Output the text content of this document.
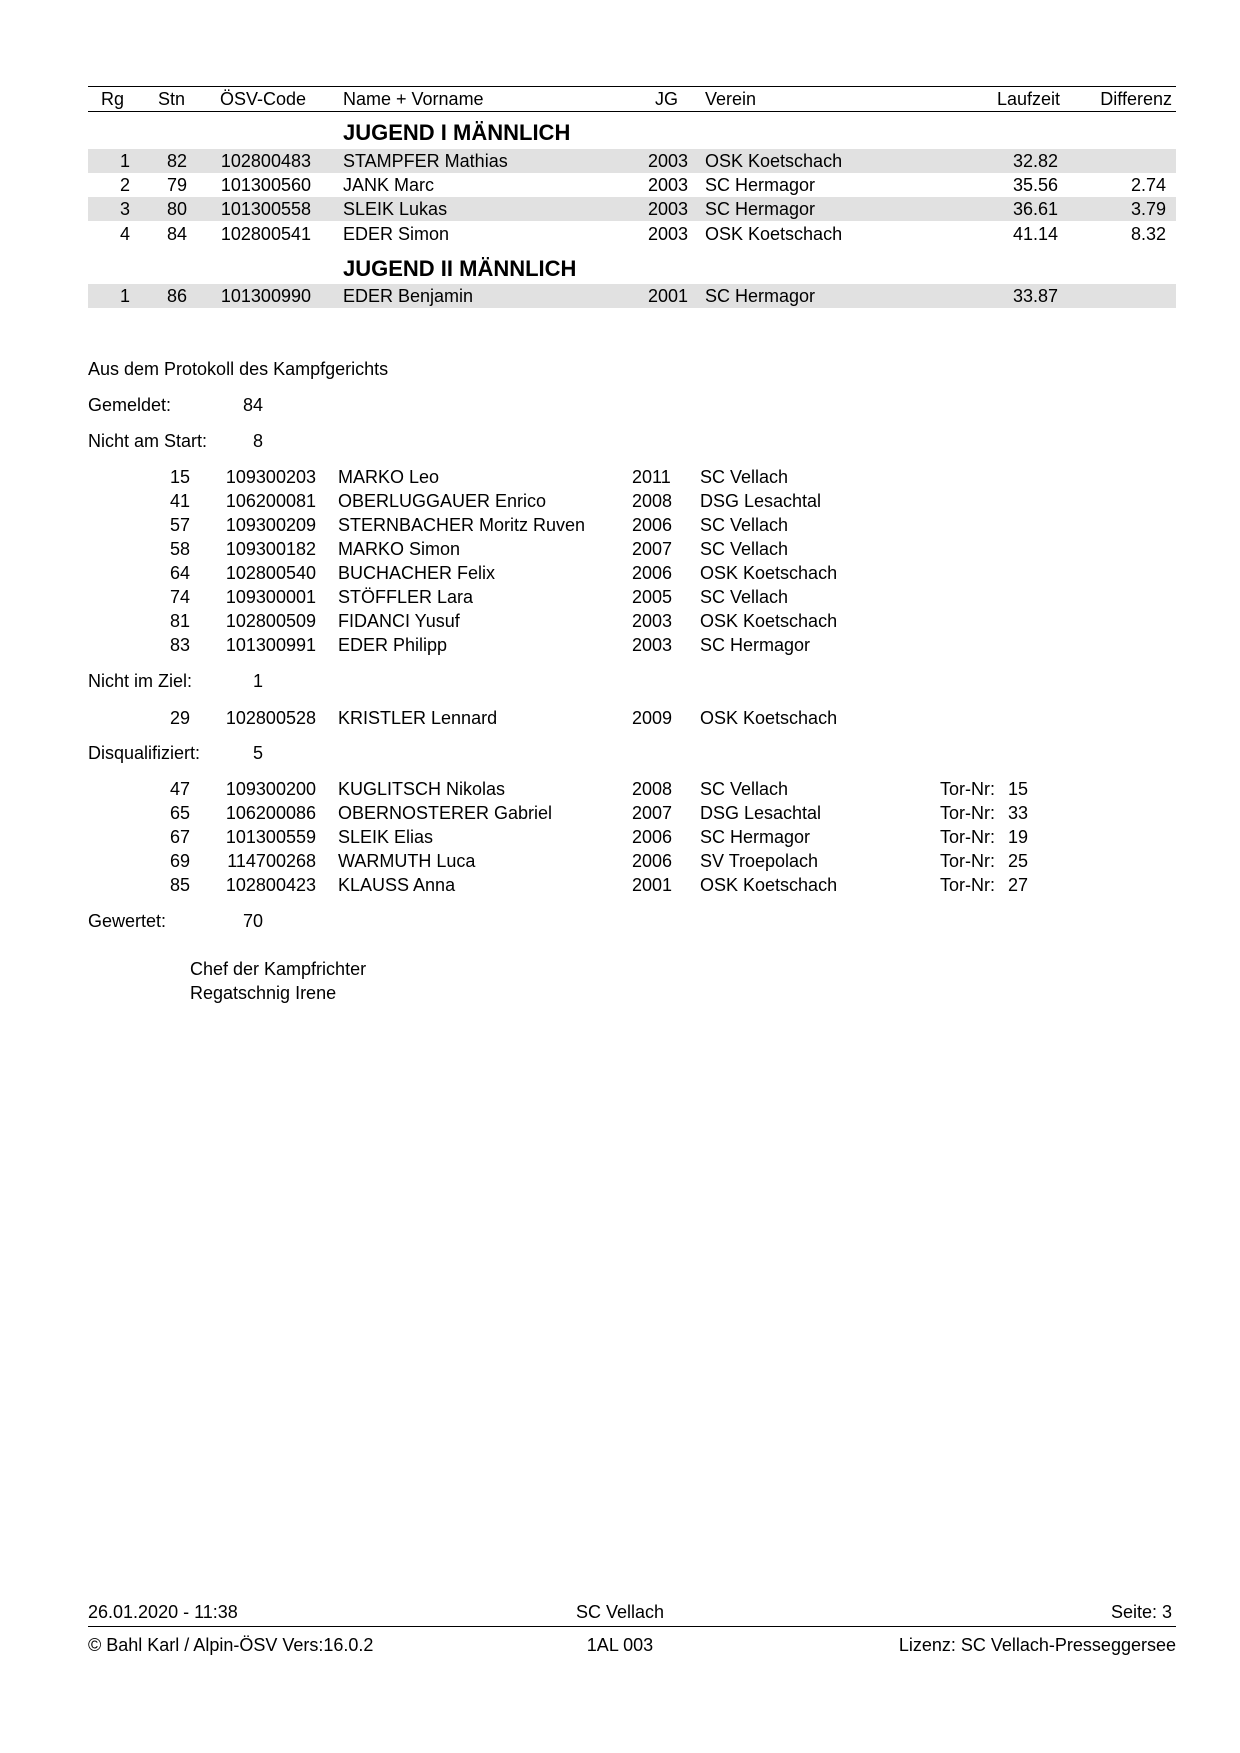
Rg Stn ÖSV-Code Name + Vorname	JG Verein	Laufzeit	Differenz
JUGEND I MÄNNLICH
1	82	102800483 STAMPFER Mathias	2003 OSK Koetschach	32.82
2	79	101300560 JANK Marc	2003 SC Hermagor	35.56	2.74
3	80	101300558 SLEIK Lukas	2003 SC Hermagor	36.61	3.79
4	84	102800541 EDER Simon	2003 OSK Koetschach	41.14	8.32
JUGEND II MÄNNLICH
1	86	101300990 EDER Benjamin	2001 SC Hermagor	33.87
Aus dem Protokoll des Kampfgerichts
Gemeldet:	84
Nicht am Start:	8
15	109300203 MARKO Leo	2011 SC Vellach
41	106200081 OBERLUGGAUER Enrico	2008 DSG Lesachtal
57	109300209 STERNBACHER Moritz Ruven	2006 SC Vellach
58	109300182 MARKO Simon	2007 SC Vellach
64	102800540 BUCHACHER Felix	2006 OSK Koetschach
74	109300001 STÖFFLER Lara	2005 SC Vellach
81	102800509 FIDANCI Yusuf	2003 OSK Koetschach
83	101300991 EDER Philipp	2003 SC Hermagor
Nicht im Ziel:	1
29	102800528 KRISTLER Lennard	2009 OSK Koetschach
Disqualifiziert:	5
47	109300200 KUGLITSCH Nikolas	2008 SC Vellach	Tor-Nr: 15
65	106200086 OBERNOSTERER Gabriel	2007 DSG Lesachtal	Tor-Nr: 33
67	101300559 SLEIK Elias	2006 SC Hermagor	Tor-Nr: 19
69	114700268 WARMUTH Luca	2006 SV Troepolach	Tor-Nr: 25
85	102800423 KLAUSS Anna	2001 OSK Koetschach	Tor-Nr: 27
Gewertet:	70
Chef der Kampfrichter
Regatschnig Irene
26.01.2020 - 11:38	SC Vellach	Seite: 3
© Bahl Karl / Alpin-ÖSV Vers:16.0.2	1AL 003	Lizenz: SC Vellach-Presseggersee
